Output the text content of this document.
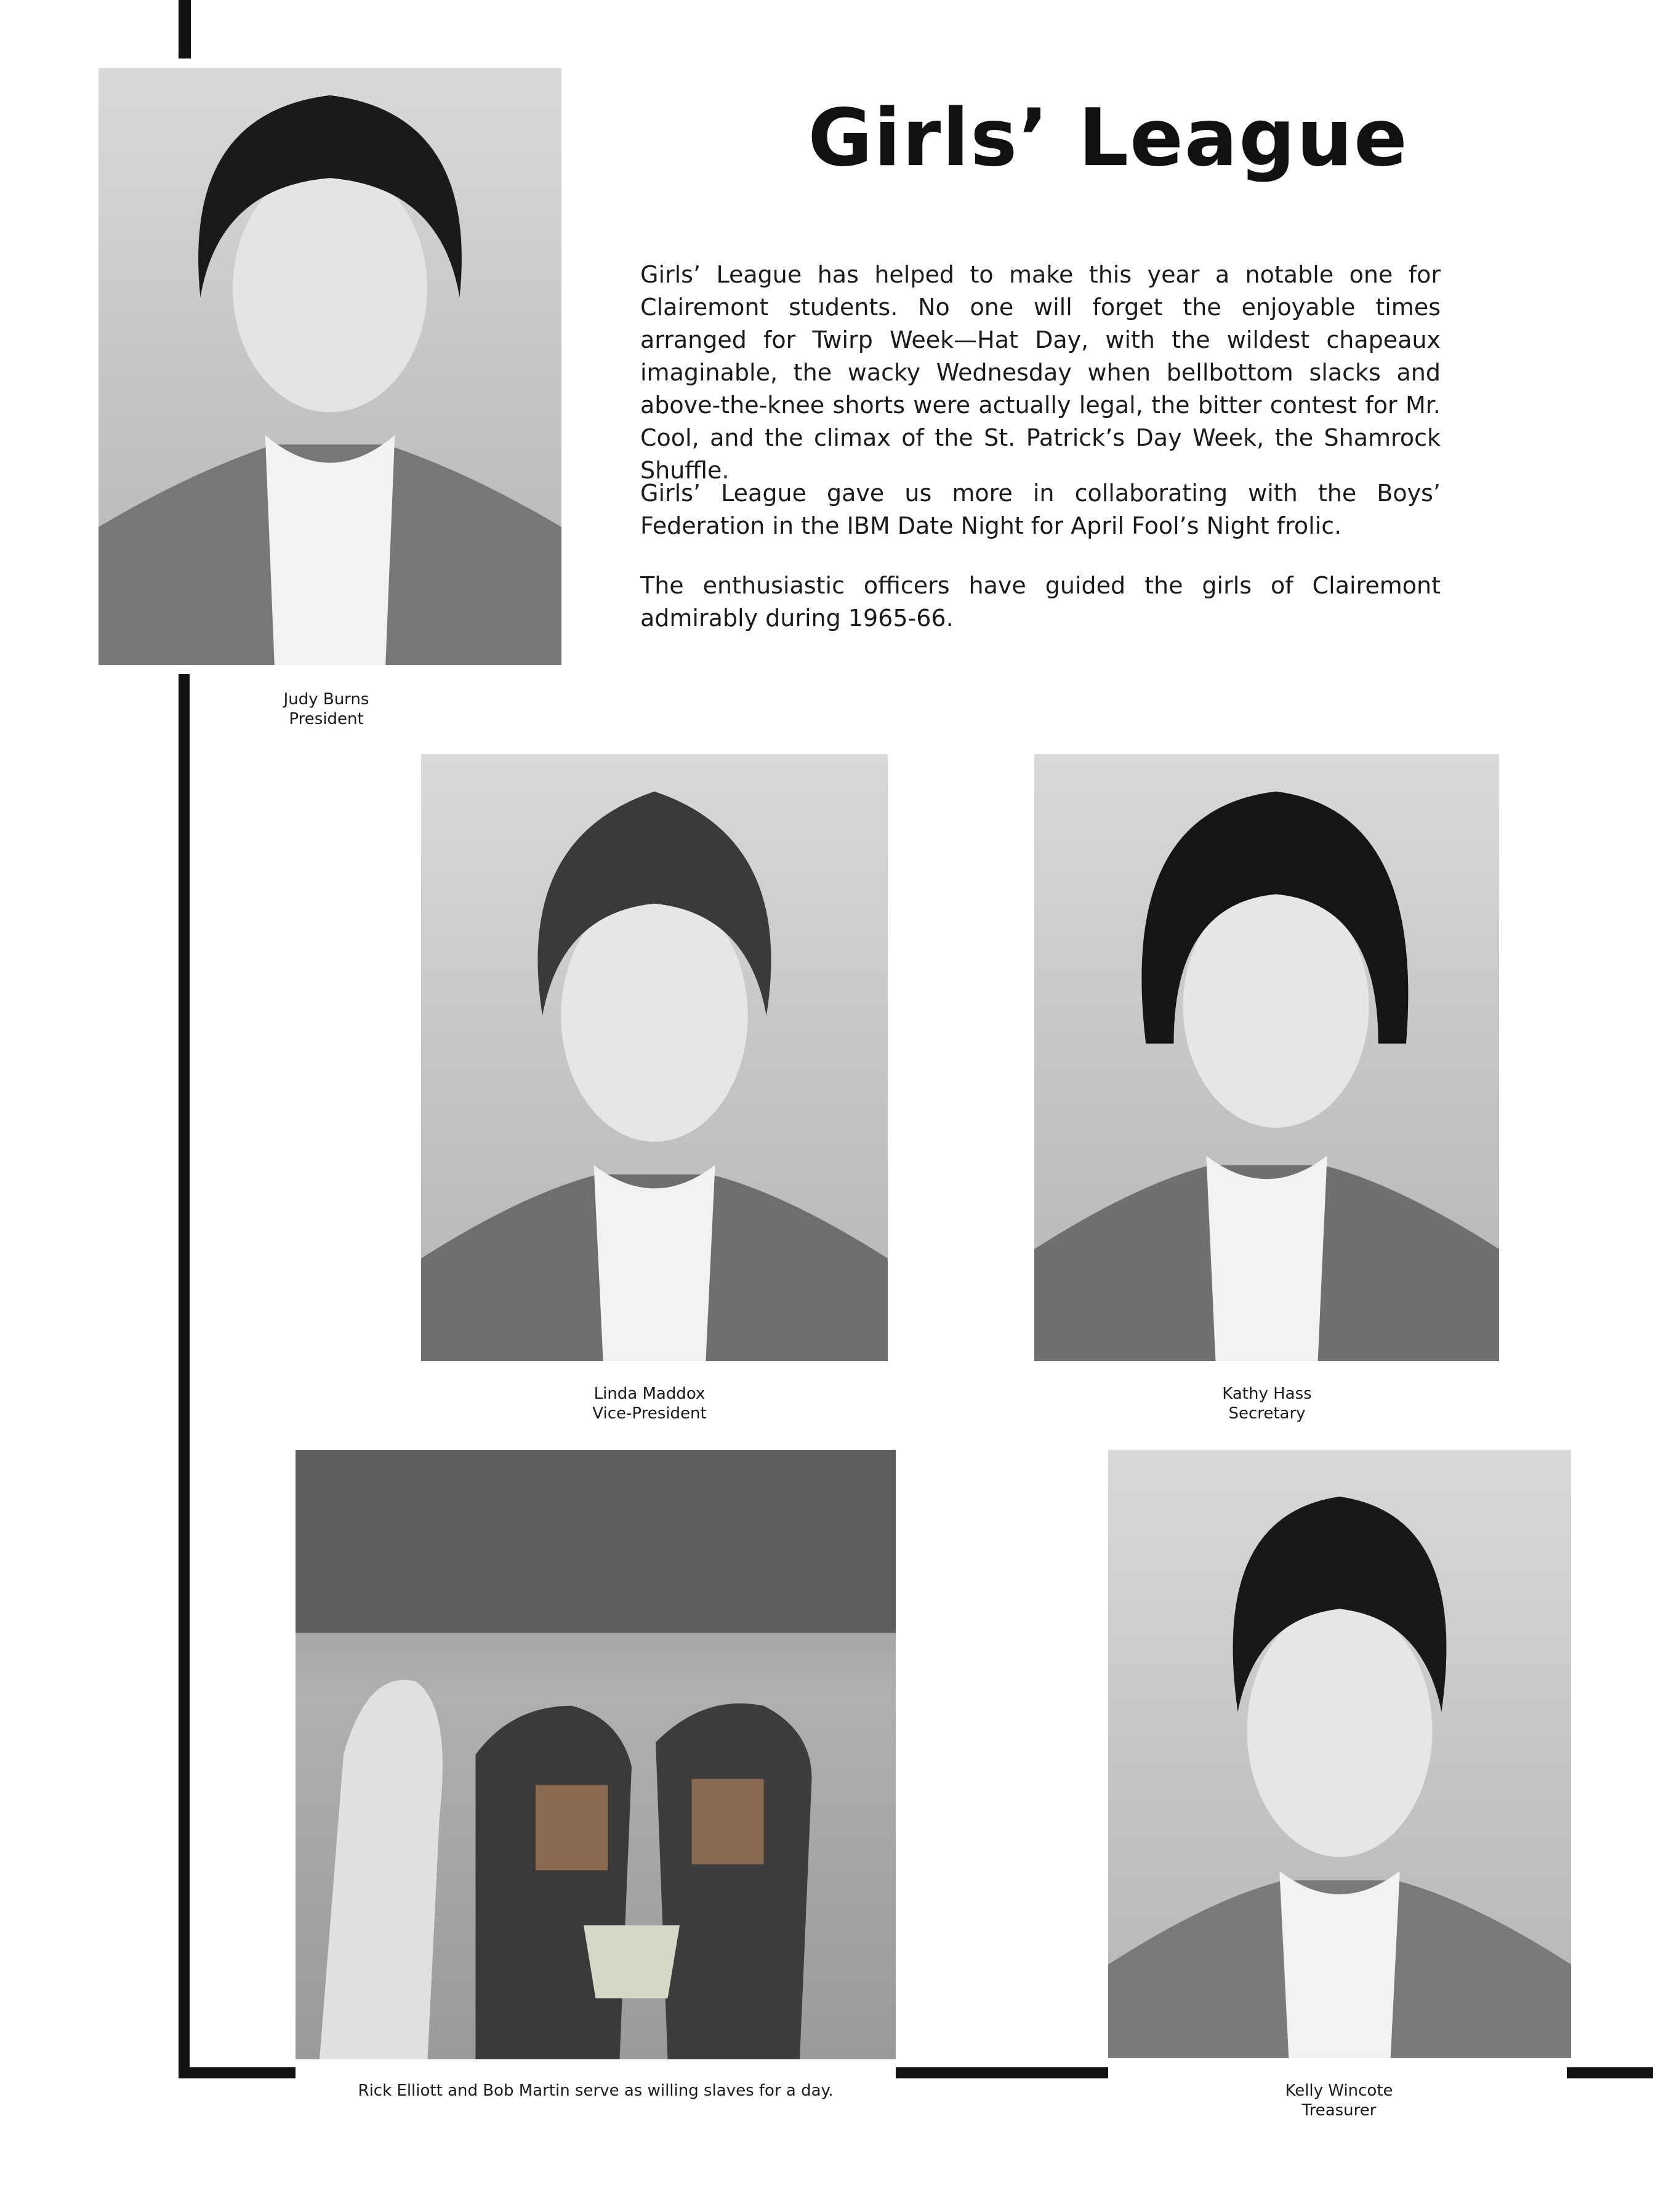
Girls’ League

Girls’ League has helped to make this year a notable one for Clairemont students. No one will forget the enjoyable times arranged for Twirp Week—Hat Day, with the wildest chapeaux imaginable, the wacky Wednesday when bellbottom slacks and above-the-knee shorts were actually legal, the bitter contest for Mr. Cool, and the climax of the St. Patrick’s Day Week, the Shamrock Shuffle.

Girls’ League gave us more in collaborating with the Boys’ Federation in the IBM Date Night for April Fool’s Night frolic.

The enthusiastic officers have guided the girls of Clairemont admirably during 1965-66.

Judy Burns
President
Linda Maddox
Vice-President
Kathy Hass
Secretary
Rick Elliott and Bob Martin serve as willing slaves for a day.	Kelly Wincote
Treasurer
